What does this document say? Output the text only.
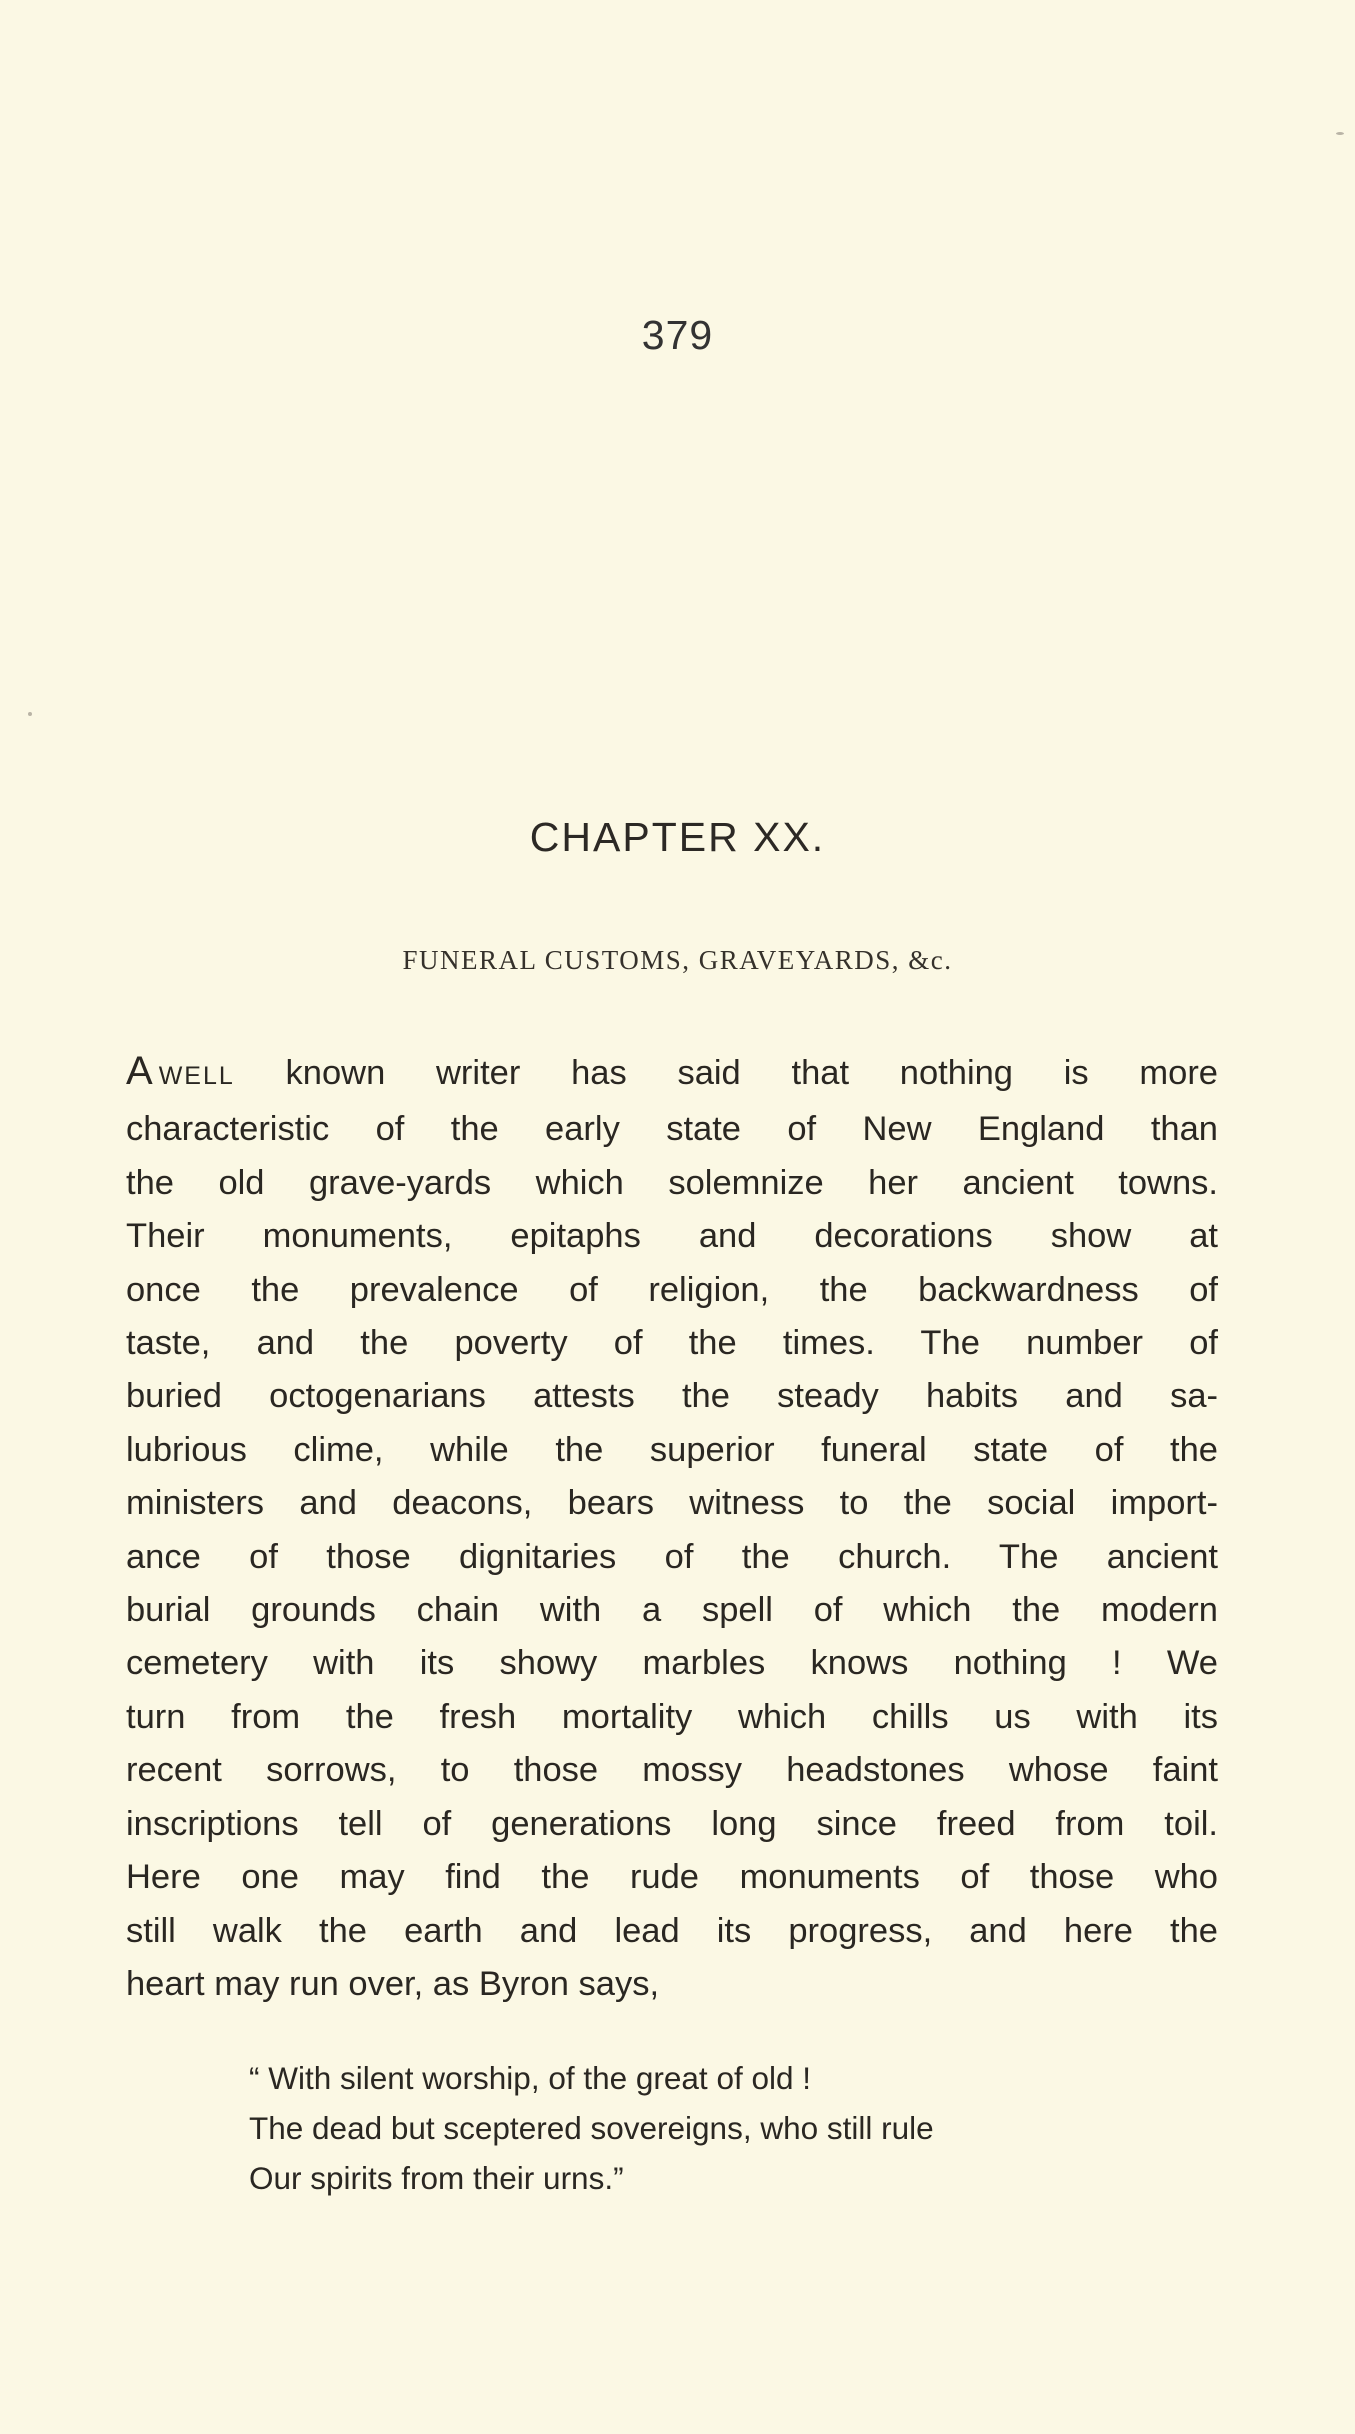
379
CHAPTER XX.
FUNERAL CUSTOMS, GRAVEYARDS, &c.
AWELL known writer has said that nothing is more
characteristic of the early state of New England than
the old grave-yards which solemnize her ancient towns.
Their monuments, epitaphs and decorations show at
once the prevalence of religion, the backwardness of
taste, and the poverty of the times. The number of
buried octogenarians attests the steady habits and sa-
lubrious clime, while the superior funeral state of the
ministers and deacons, bears witness to the social import-
ance of those dignitaries of the church. The ancient
burial grounds chain with a spell of which the modern
cemetery with its showy marbles knows nothing ! We
turn from the fresh mortality which chills us with its
recent sorrows, to those mossy headstones whose faint
inscriptions tell of generations long since freed from toil.
Here one may find the rude monuments of those who
still walk the earth and lead its progress, and here the
heart may run over, as Byron says,
“ With silent worship, of the great of old !
The dead but sceptered sovereigns, who still rule
Our spirits from their urns.”
